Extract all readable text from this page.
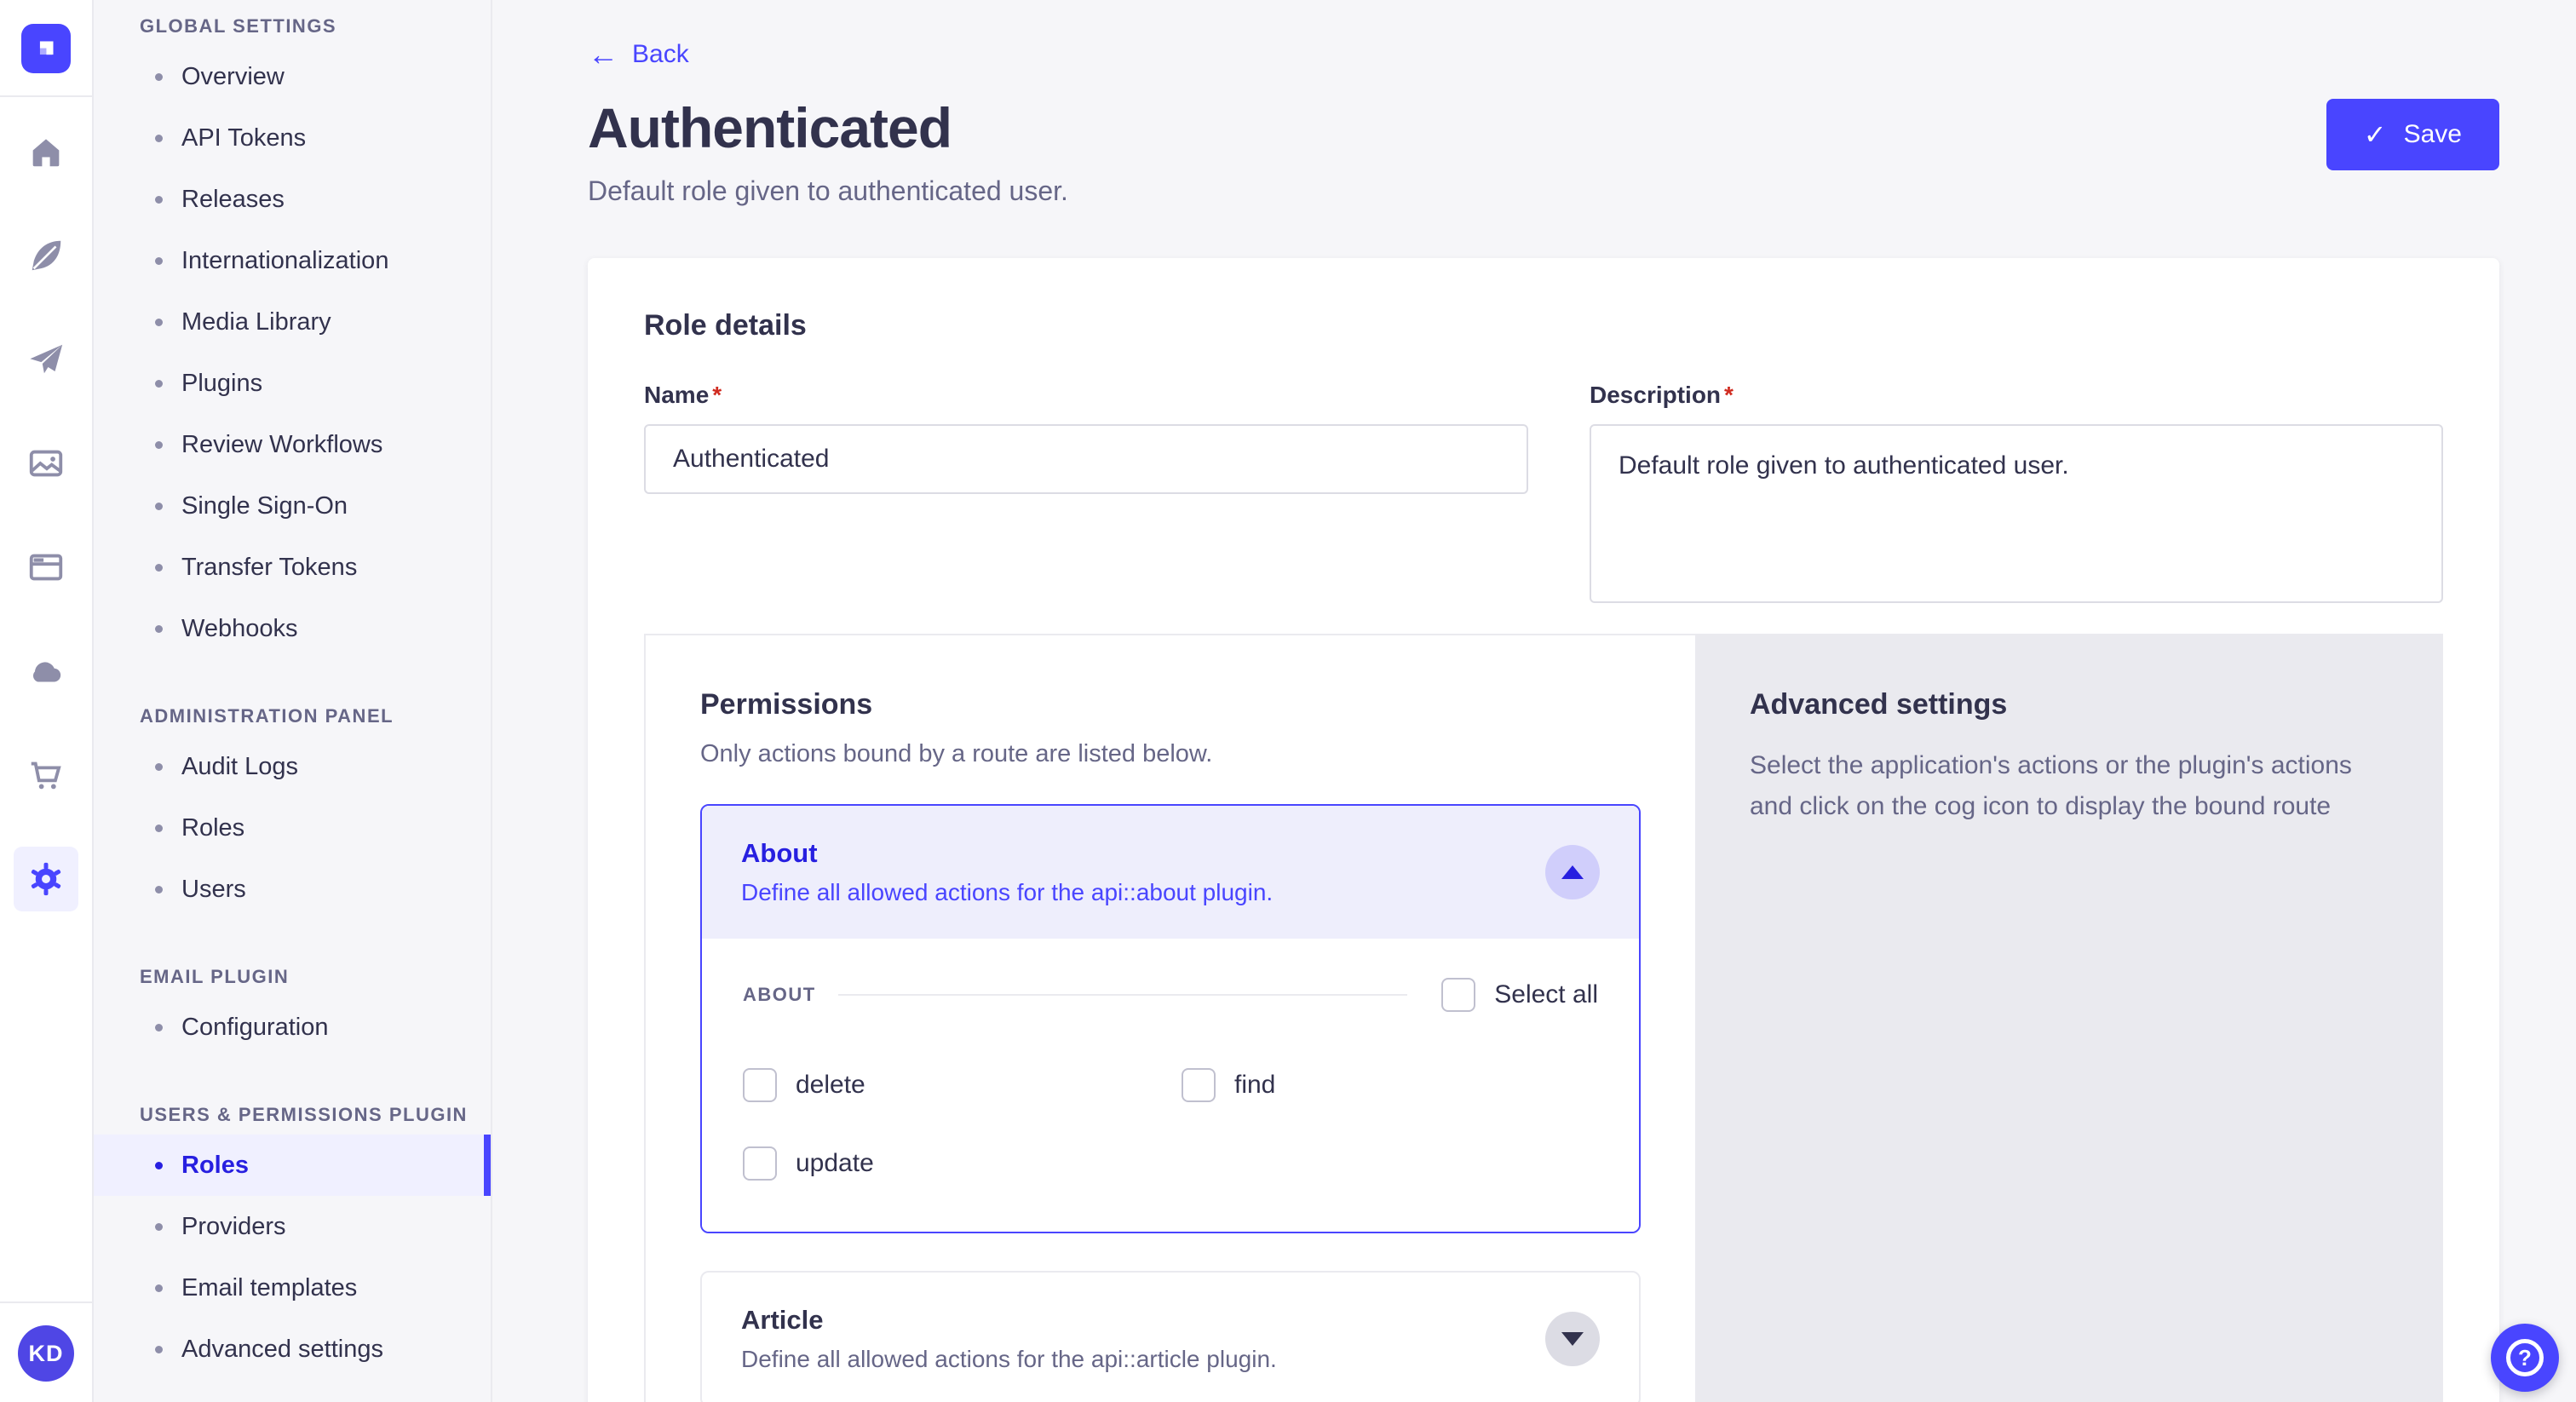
KD
GLOBAL SETTINGS
Overview
API Tokens
Releases
Internationalization
Media Library
Plugins
Review Workflows
Single Sign-On
Transfer Tokens
Webhooks
ADMINISTRATION PANEL
Audit Logs
Roles
Users
EMAIL PLUGIN
Configuration
USERS & PERMISSIONS PLUGIN
Roles
Providers
Email templates
Advanced settings
← Back
Authenticated
Default role given to authenticated user.
✓ Save
Role details
Name *
Authenticated	Description *
Default role given to authenticated user.
Permissions
Only actions bound by a route are listed below.
About
Define all allowed actions for the api::about plugin.
ABOUT	Select all
delete	find
update
Article
Define all allowed actions for the api::article plugin.
Advanced settings

Select the application's actions or the plugin's actions and click on the cog icon to display the bound route

?
